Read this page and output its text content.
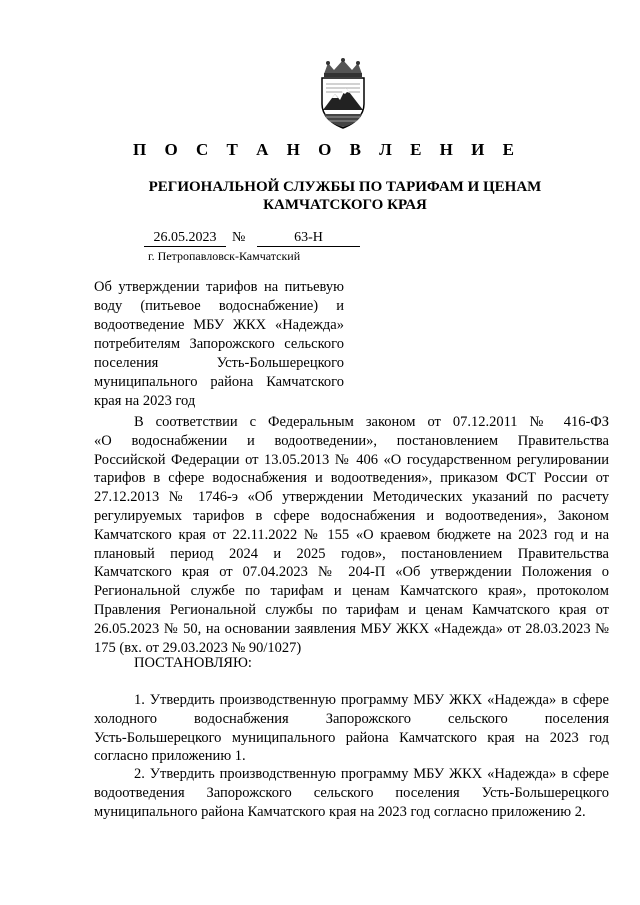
П О С Т А Н О В Л Е Н И Е
РЕГИОНАЛЬНОЙ СЛУЖБЫ ПО ТАРИФАМ И ЦЕНАМ
КАМЧАТСКОГО КРАЯ
26.05.2023	№	63-Н
г. Петропавловск-Камчатский

Об утверждении тарифов на питьевую
воду (питьевое водоснабжение) и
водоотведение МБУ ЖКХ «Надежда»
потребителям Запорожского сельского
поселения Усть-Большерецкого
муниципального района Камчатского
края на 2023 год

В соответствии с Федеральным законом от 07.12.2011 № 416-ФЗ
«О водоснабжении и водоотведении», постановлением Правительства
Российской Федерации от 13.05.2013 № 406 «О государственном регулировании
тарифов в сфере водоснабжения и водоотведения», приказом ФСТ России от
27.12.2013 № 1746-э «Об утверждении Методических указаний по расчету
регулируемых тарифов в сфере водоснабжения и водоотведения», Законом
Камчатского края от 22.11.2022 № 155 «О краевом бюджете на 2023 год и на
плановый период 2024 и 2025 годов», постановлением Правительства
Камчатского края от 07.04.2023 № 204-П «Об утверждении Положения о
Региональной службе по тарифам и ценам Камчатского края», протоколом
Правления Региональной службы по тарифам и ценам Камчатского края от
26.05.2023 № 50, на основании заявления МБУ ЖКХ «Надежда» от 28.03.2023 №
175 (вх. от 29.03.2023 № 90/1027)

ПОСТАНОВЛЯЮ:

1. Утвердить производственную программу МБУ ЖКХ «Надежда» в сфере
холодного водоснабжения Запорожского сельского поселения
Усть-Большерецкого муниципального района Камчатского края на 2023 год
согласно приложению 1.

2. Утвердить производственную программу МБУ ЖКХ «Надежда» в сфере
водоотведения Запорожского сельского поселения Усть-Большерецкого
муниципального района Камчатского края на 2023 год согласно приложению 2.
